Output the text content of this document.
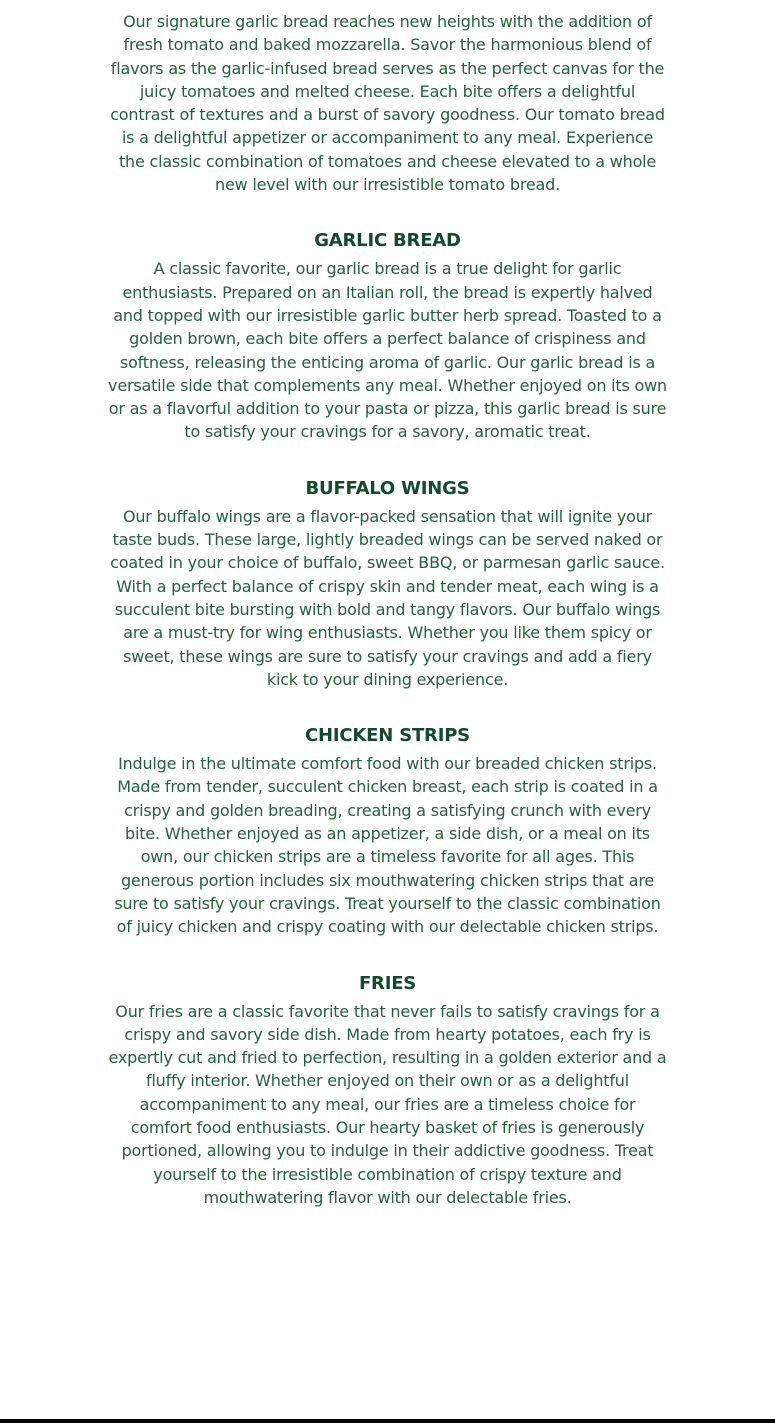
Our signature garlic bread reaches new heights with the addition of fresh tomato and baked mozzarella. Savor the harmonious blend of flavors as the garlic-infused bread serves as the perfect canvas for the juicy tomatoes and melted cheese. Each bite offers a delightful contrast of textures and a burst of savory goodness. Our tomato bread is a delightful appetizer or accompaniment to any meal. Experience the classic combination of tomatoes and cheese elevated to a whole new level with our irresistible tomato bread.

GARLIC BREAD

A classic favorite, our garlic bread is a true delight for garlic enthusiasts. Prepared on an Italian roll, the bread is expertly halved and topped with our irresistible garlic butter herb spread. Toasted to a golden brown, each bite offers a perfect balance of crispiness and softness, releasing the enticing aroma of garlic. Our garlic bread is a versatile side that complements any meal. Whether enjoyed on its own or as a flavorful addition to your pasta or pizza, this garlic bread is sure to satisfy your cravings for a savory, aromatic treat.

BUFFALO WINGS

Our buffalo wings are a flavor-packed sensation that will ignite your taste buds. These large, lightly breaded wings can be served naked or coated in your choice of buffalo, sweet BBQ, or parmesan garlic sauce. With a perfect balance of crispy skin and tender meat, each wing is a succulent bite bursting with bold and tangy flavors. Our buffalo wings are a must-try for wing enthusiasts. Whether you like them spicy or sweet, these wings are sure to satisfy your cravings and add a fiery kick to your dining experience.

CHICKEN STRIPS

Indulge in the ultimate comfort food with our breaded chicken strips. Made from tender, succulent chicken breast, each strip is coated in a crispy and golden breading, creating a satisfying crunch with every bite. Whether enjoyed as an appetizer, a side dish, or a meal on its own, our chicken strips are a timeless favorite for all ages. This generous portion includes six mouthwatering chicken strips that are sure to satisfy your cravings. Treat yourself to the classic combination of juicy chicken and crispy coating with our delectable chicken strips.

FRIES

Our fries are a classic favorite that never fails to satisfy cravings for a crispy and savory side dish. Made from hearty potatoes, each fry is expertly cut and fried to perfection, resulting in a golden exterior and a fluffy interior. Whether enjoyed on their own or as a delightful accompaniment to any meal, our fries are a timeless choice for comfort food enthusiasts. Our hearty basket of fries is generously portioned, allowing you to indulge in their addictive goodness. Treat yourself to the irresistible combination of crispy texture and mouthwatering flavor with our delectable fries.
